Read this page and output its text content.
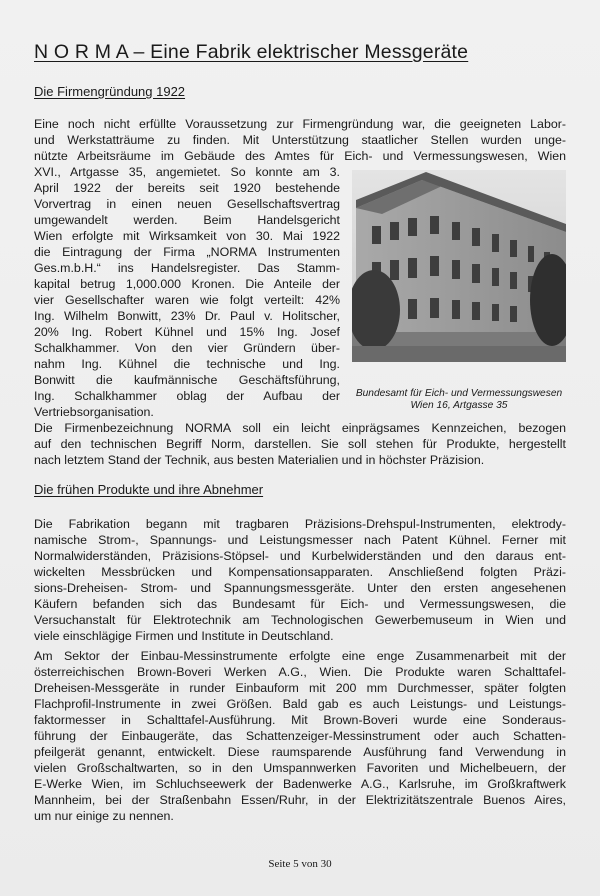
N O R M A – Eine Fabrik elektrischer Messgeräte
Die Firmengründung 1922

Eine noch nicht erfüllte Voraussetzung zur Firmengründung war, die geeigneten Labor-
und Werkstatträume zu finden. Mit Unterstützung staatlicher Stellen wurden unge-
nützte Arbeitsräume im Gebäude des Amtes für Eich- und Vermessungswesen, Wien

XVI., Artgasse 35, angemietet. So konnte am 3.
April 1922 der bereits seit 1920 bestehende
Vorvertrag in einen neuen Gesellschaftsvertrag
umgewandelt werden. Beim Handelsgericht
Wien erfolgte mit Wirksamkeit von 30. Mai 1922
die Eintragung der Firma „NORMA Instrumenten
Ges.m.b.H.“ ins Handelsregister. Das Stamm-
kapital betrug 1,000.000 Kronen. Die Anteile der
vier Gesellschafter waren wie folgt verteilt: 42%
Ing. Wilhelm Bonwitt, 23% Dr. Paul v. Holitscher,
20% Ing. Robert Kühnel und 15% Ing. Josef
Schalkhammer. Von den vier Gründern über-
nahm Ing. Kühnel die technische und Ing.
Bonwitt die kaufmännische Geschäftsführung,
Ing. Schalkhammer oblag der Aufbau der
Vertriebsorganisation.

Bundesamt für Eich- und Vermessungswesen
Wien 16, Artgasse 35

Die Firmenbezeichnung NORMA soll ein leicht einprägsames Kennzeichen, bezogen
auf den technischen Begriff Norm, darstellen. Sie soll stehen für Produkte, hergestellt
nach letztem Stand der Technik, aus besten Materialien und in höchster Präzision.

Die frühen Produkte und ihre Abnehmer

Die Fabrikation begann mit tragbaren Präzisions-Drehspul-Instrumenten, elektrody-
namische Strom-, Spannungs- und Leistungsmesser nach Patent Kühnel. Ferner mit
Normalwiderständen, Präzisions-Stöpsel- und Kurbelwiderständen und den daraus ent-
wickelten Messbrücken und Kompensationsapparaten. Anschließend folgten Präzi-
sions-Dreheisen- Strom- und Spannungsmessgeräte. Unter den ersten angesehenen
Käufern befanden sich das Bundesamt für Eich- und Vermessungswesen, die
Versuchanstalt für Elektrotechnik am Technologischen Gewerbemuseum in Wien und
viele einschlägige Firmen und Institute in Deutschland.

Am Sektor der Einbau-Messinstrumente erfolgte eine enge Zusammenarbeit mit der
österreichischen Brown-Boveri Werken A.G., Wien. Die Produkte waren Schalttafel-
Dreheisen-Messgeräte in runder Einbauform mit 200 mm Durchmesser, später folgten
Flachprofil-Instrumente in zwei Größen. Bald gab es auch Leistungs- und Leistungs-
faktormesser in Schalttafel-Ausführung. Mit Brown-Boveri wurde eine Sonderaus-
führung der Einbaugeräte, das Schattenzeiger-Messinstrument oder auch Schatten-
pfeilgerät genannt, entwickelt. Diese raumsparende Ausführung fand Verwendung in
vielen Großschaltwarten, so in den Umspannwerken Favoriten und Michelbeuern, der
E-Werke Wien, im Schluchseewerk der Badenwerke A.G., Karlsruhe, im Großkraftwerk
Mannheim, bei der Straßenbahn Essen/Ruhr, in der Elektrizitätszentrale Buenos Aires,
um nur einige zu nennen.

Seite 5 von 30
